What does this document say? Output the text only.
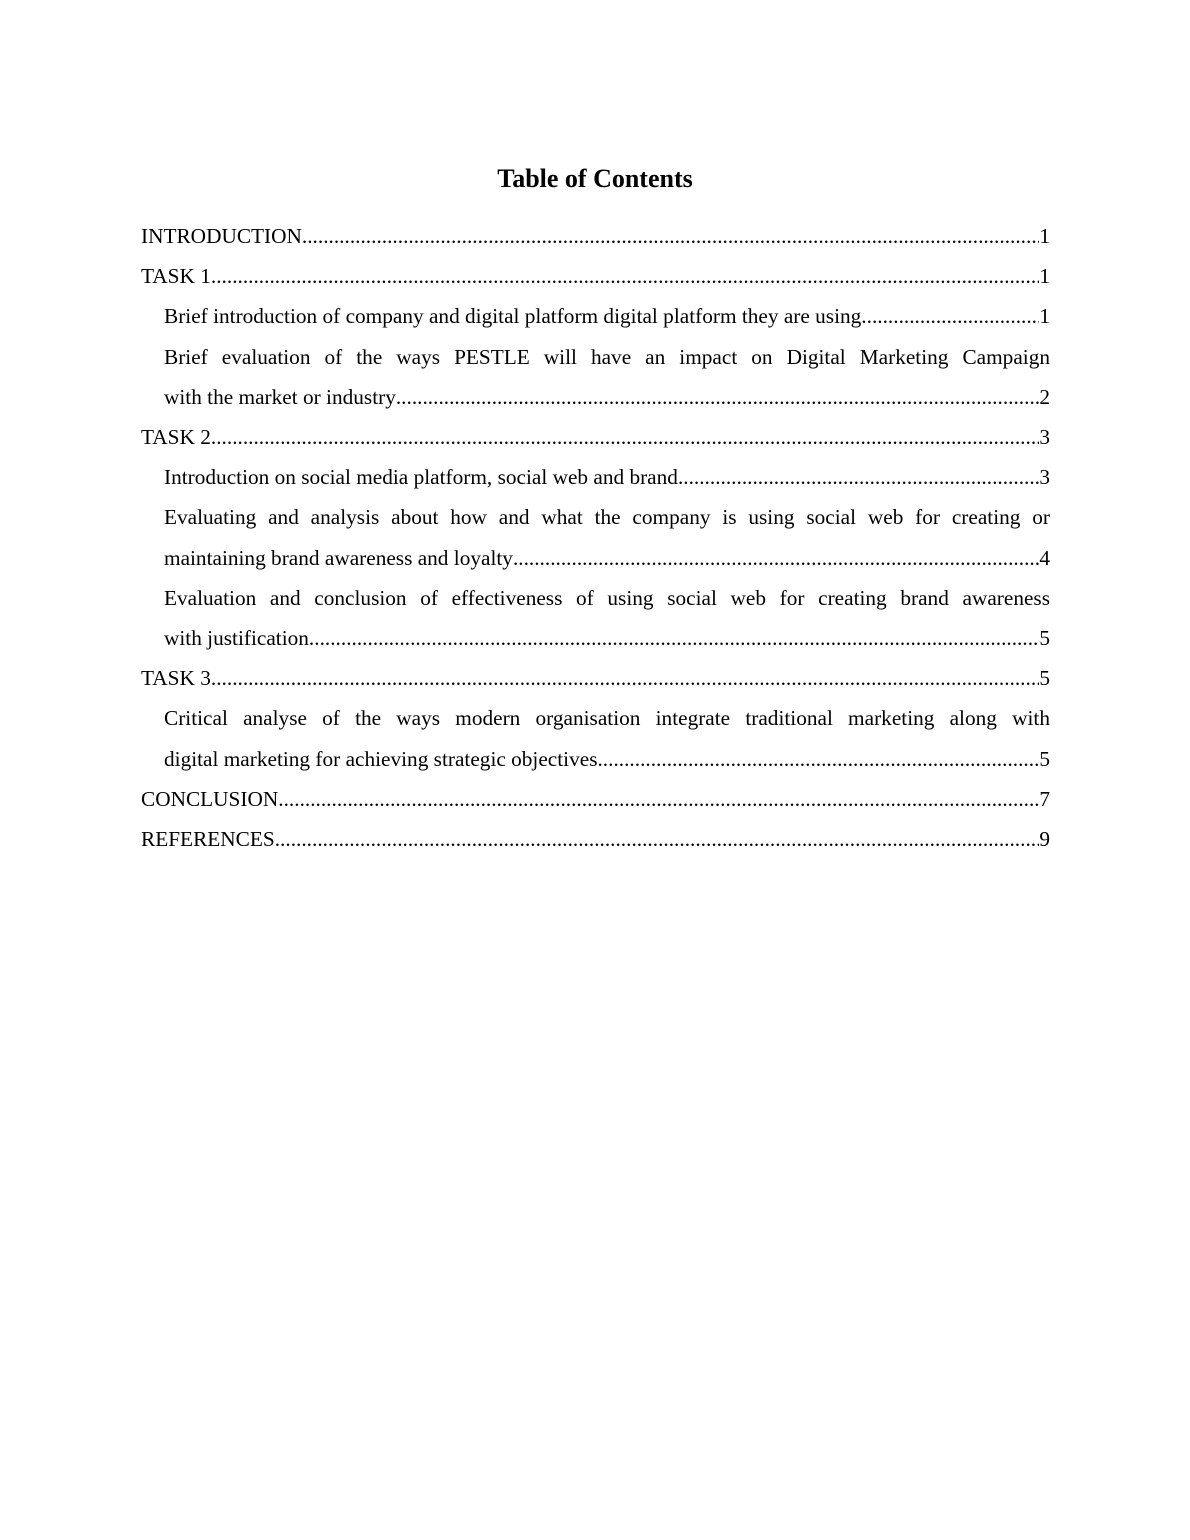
Table of Contents
INTRODUCTION .....	1
TASK 1 .....	1
Brief introduction of company and digital platform digital platform they are using .....	1
Brief evaluation of the ways PESTLE will have an impact on Digital Marketing Campaign
with the market or industry .....	2
TASK 2 .....	3
Introduction on social media platform, social web and brand .....	3
Evaluating and analysis about how and what the company is using social web for creating or
maintaining brand awareness and loyalty .....	4
Evaluation and conclusion of effectiveness of using social web for creating brand awareness
with justification .....	5
TASK 3 .....	5
Critical analyse of the ways modern organisation integrate traditional marketing along with
digital marketing for achieving strategic objectives .....	5
CONCLUSION .....	7
REFERENCES .....	9
